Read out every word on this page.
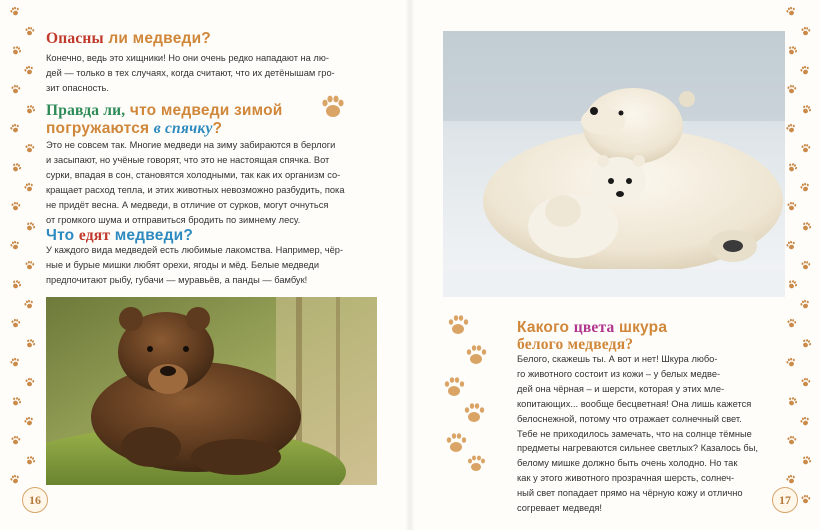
Опасны ли медведи?
Конечно, ведь это хищники! Но они очень редко нападают на лю-
дей — только в тех случаях, когда считают, что их детёнышам гро-
зит опасность.
Правда ли, что медведи зимой
погружаются в спячку?
Это не совсем так. Многие медведи на зиму забираются в берлоги
и засыпают, но учёные говорят, что это не настоящая спячка. Вот
сурки, впадая в сон, становятся холодными, так как их организм со-
кращает расход тепла, и этих животных невозможно разбудить, пока
не придёт весна. А медведи, в отличие от сурков, могут очнуться
от громкого шума и отправиться бродить по зимнему лесу.
Что едят медведи?
У каждого вида медведей есть любимые лакомства. Например, чёр-
ные и бурые мишки любят орехи, ягоды и мёд. Белые медведи
предпочитают рыбу, губачи — муравьёв, а панды — бамбук!
16
Какого цвета шкура
белого медведя?
Белого, скажешь ты. А вот и нет! Шкура любо-
го животного состоит из кожи – у белых медве-
дей она чёрная – и шерсти, которая у этих мле-
копитающих... вообще бесцветная! Она лишь кажется
белоснежной, потому что отражает солнечный свет.
Тебе не приходилось замечать, что на солнце тёмные
предметы нагреваются сильнее светлых? Казалось бы,
белому мишке должно быть очень холодно. Но так
как у этого животного прозрачная шерсть, солнеч-
ный свет попадает прямо на чёрную кожу и отлично
согревает медведя!
17
